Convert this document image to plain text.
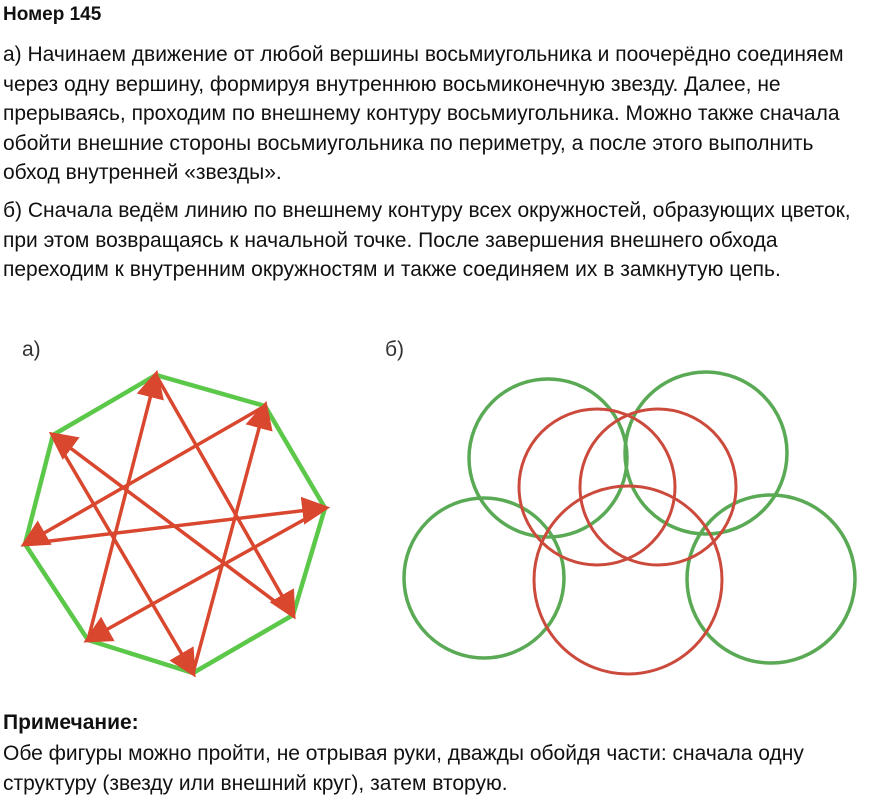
Номер 145

а) Начинаем движение от любой вершины восьмиугольника и поочерёдно соединяем через одну вершину, формируя внутреннюю восьмиконечную звезду. Далее, не прерываясь, проходим по внешнему контуру восьмиугольника. Можно также сначала обойти внешние стороны восьмиугольника по периметру, а после этого выполнить обход внутренней «звезды».

б) Сначала ведём линию по внешнему контуру всех окружностей, образующих цветок, при этом возвращаясь к начальной точке. После завершения внешнего обхода переходим к внутренним окружностям и также соединяем их в замкнутую цепь.

а)	б)
Примечание:

Обе фигуры можно пройти, не отрывая руки, дважды обойдя части: сначала одну структуру (звезду или внешний круг), затем вторую.
